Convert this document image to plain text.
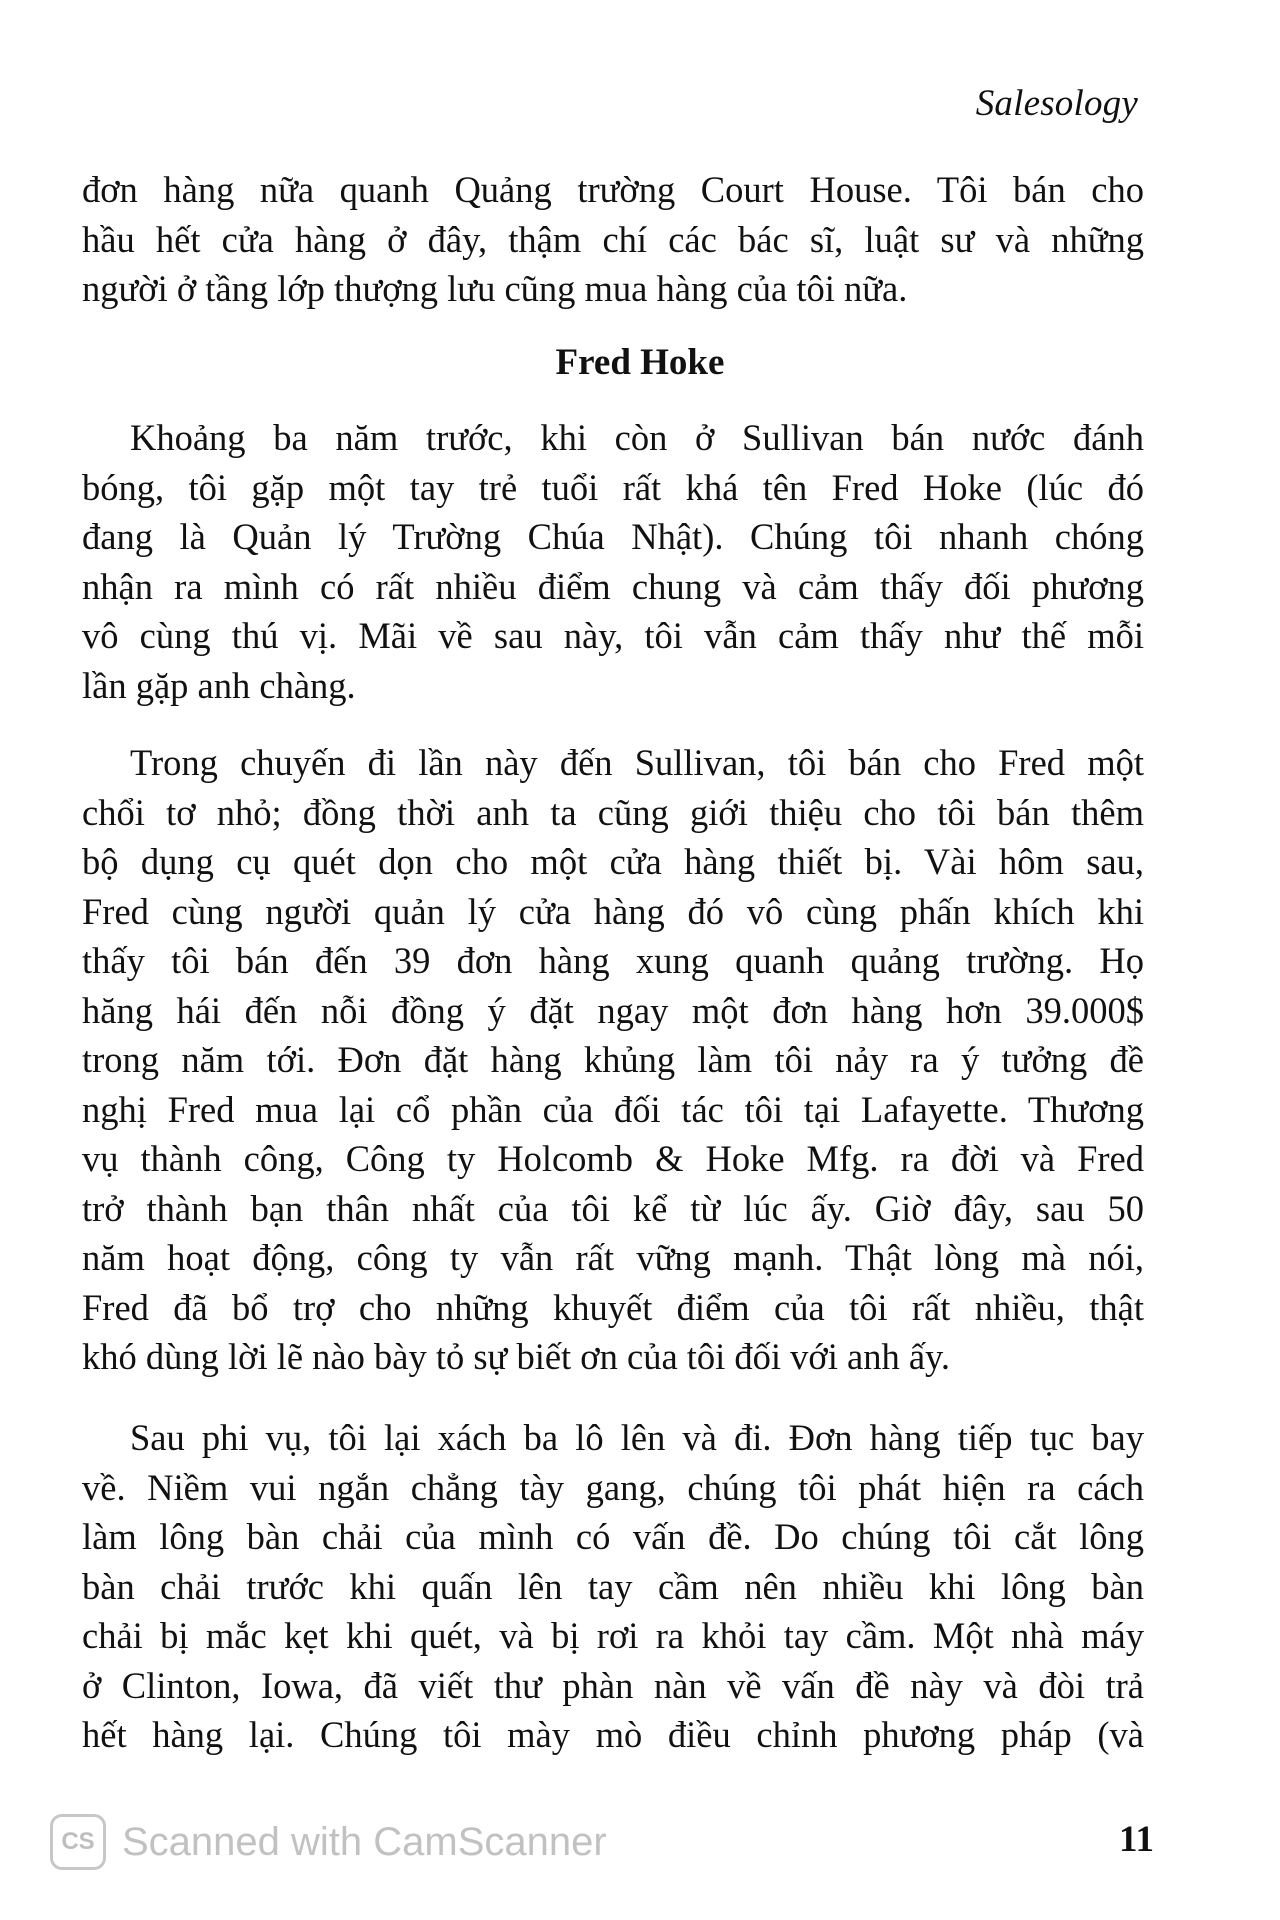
Salesology
đơn hàng nữa quanh Quảng trường Court House. Tôi bán cho
hầu hết cửa hàng ở đây, thậm chí các bác sĩ, luật sư và những
người ở tầng lớp thượng lưu cũng mua hàng của tôi nữa.
Fred Hoke
Khoảng ba năm trước, khi còn ở Sullivan bán nước đánh
bóng, tôi gặp một tay trẻ tuổi rất khá tên Fred Hoke (lúc đó
đang là Quản lý Trường Chúa Nhật). Chúng tôi nhanh chóng
nhận ra mình có rất nhiều điểm chung và cảm thấy đối phương
vô cùng thú vị. Mãi về sau này, tôi vẫn cảm thấy như thế mỗi
lần gặp anh chàng.
Trong chuyến đi lần này đến Sullivan, tôi bán cho Fred một
chổi tơ nhỏ; đồng thời anh ta cũng giới thiệu cho tôi bán thêm
bộ dụng cụ quét dọn cho một cửa hàng thiết bị. Vài hôm sau,
Fred cùng người quản lý cửa hàng đó vô cùng phấn khích khi
thấy tôi bán đến 39 đơn hàng xung quanh quảng trường. Họ
hăng hái đến nỗi đồng ý đặt ngay một đơn hàng hơn 39.000$
trong năm tới. Đơn đặt hàng khủng làm tôi nảy ra ý tưởng đề
nghị Fred mua lại cổ phần của đối tác tôi tại Lafayette. Thương
vụ thành công, Công ty Holcomb & Hoke Mfg. ra đời và Fred
trở thành bạn thân nhất của tôi kể từ lúc ấy. Giờ đây, sau 50
năm hoạt động, công ty vẫn rất vững mạnh. Thật lòng mà nói,
Fred đã bổ trợ cho những khuyết điểm của tôi rất nhiều, thật
khó dùng lời lẽ nào bày tỏ sự biết ơn của tôi đối với anh ấy.
Sau phi vụ, tôi lại xách ba lô lên và đi. Đơn hàng tiếp tục bay
về. Niềm vui ngắn chẳng tày gang, chúng tôi phát hiện ra cách
làm lông bàn chải của mình có vấn đề. Do chúng tôi cắt lông
bàn chải trước khi quấn lên tay cầm nên nhiều khi lông bàn
chải bị mắc kẹt khi quét, và bị rơi ra khỏi tay cầm. Một nhà máy
ở Clinton, Iowa, đã viết thư phàn nàn về vấn đề này và đòi trả
hết hàng lại. Chúng tôi mày mò điều chỉnh phương pháp (và
CS Scanned with CamScanner	11
